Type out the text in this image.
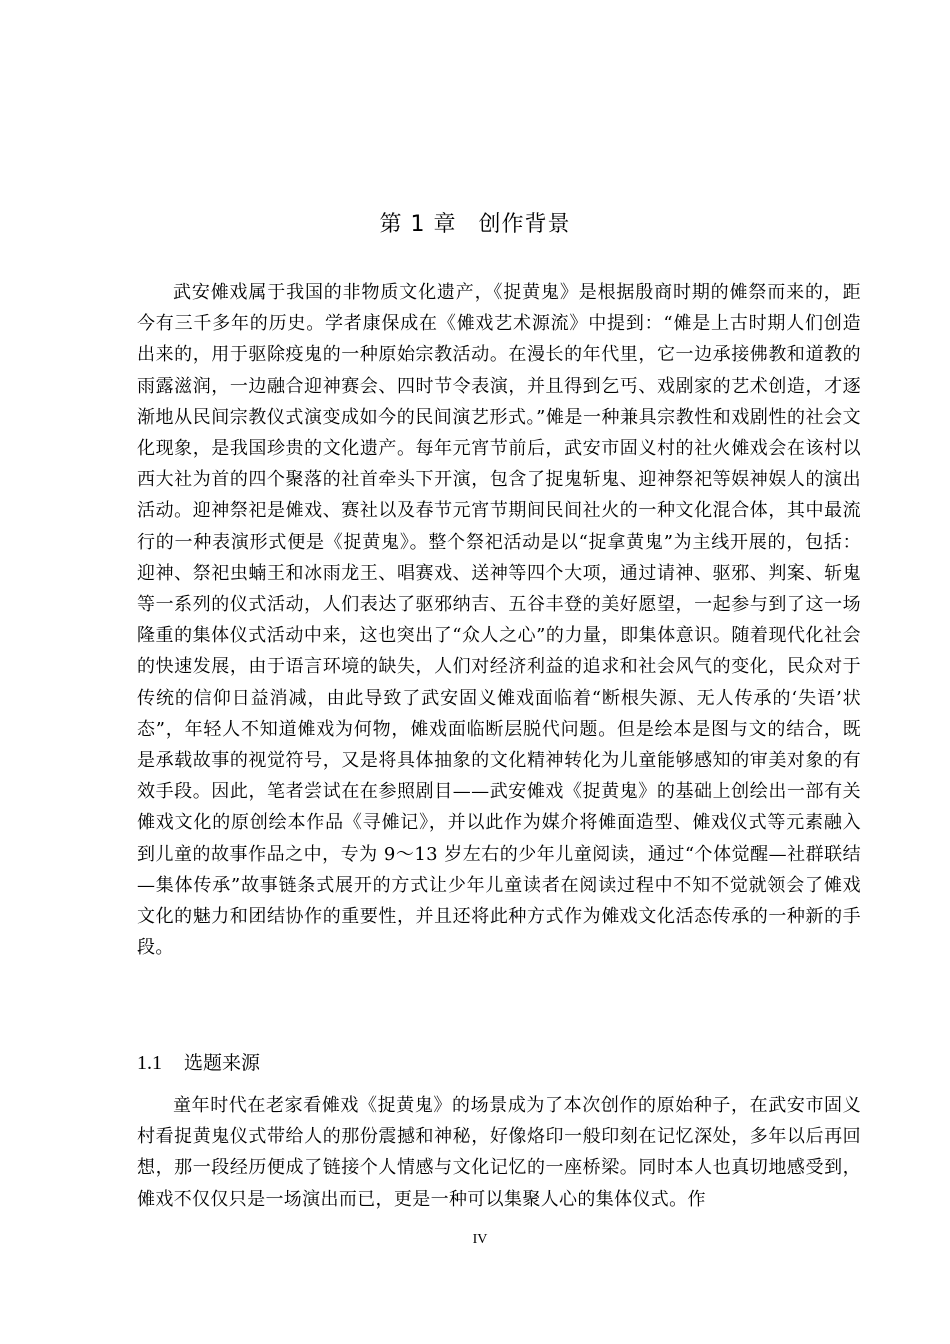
第 1 章 创作背景

武安傩戏属于我国的非物质文化遗产，《捉黄鬼》是根据殷商时期的傩祭而来的，距今有三千多年的历史。学者康保成在《傩戏艺术源流》中提到：“傩是上古时期人们创造出来的，用于驱除疫鬼的一种原始宗教活动。在漫长的年代里，它一边承接佛教和道教的雨露滋润，一边融合迎神赛会、四时节令表演，并且得到乞丐、戏剧家的艺术创造，才逐渐地从民间宗教仪式演变成如今的民间演艺形式。”傩是一种兼具宗教性和戏剧性的社会文化现象，是我国珍贵的文化遗产。每年元宵节前后，武安市固义村的社火傩戏会在该村以西大社为首的四个聚落的社首牵头下开演，包含了捉鬼斩鬼、迎神祭祀等娱神娱人的演出活动。迎神祭祀是傩戏、赛社以及春节元宵节期间民间社火的一种文化混合体，其中最流行的一种表演形式便是《捉黄鬼》。整个祭祀活动是以“捉拿黄鬼”为主线开展的，包括：迎神、祭祀虫蝻王和冰雨龙王、唱赛戏、送神等四个大项，通过请神、驱邪、判案、斩鬼等一系列的仪式活动，人们表达了驱邪纳吉、五谷丰登的美好愿望，一起参与到了这一场隆重的集体仪式活动中来，这也突出了“众人之心”的力量，即集体意识。随着现代化社会的快速发展，由于语言环境的缺失，人们对经济利益的追求和社会风气的变化，民众对于传统的信仰日益消减，由此导致了武安固义傩戏面临着“断根失源、无人传承的‘失语’状态”，年轻人不知道傩戏为何物，傩戏面临断层脱代问题。但是绘本是图与文的结合，既是承载故事的视觉符号，又是将具体抽象的文化精神转化为儿童能够感知的审美对象的有效手段。因此，笔者尝试在在参照剧目——武安傩戏《捉黄鬼》的基础上创绘出一部有关傩戏文化的原创绘本作品《寻傩记》，并以此作为媒介将傩面造型、傩戏仪式等元素融入到儿童的故事作品之中，专为 9～13 岁左右的少年儿童阅读，通过“个体觉醒—社群联结—集体传承”故事链条式展开的方式让少年儿童读者在阅读过程中不知不觉就领会了傩戏文化的魅力和团结协作的重要性，并且还将此种方式作为傩戏文化活态传承的一种新的手段。

1.1 选题来源

童年时代在老家看傩戏《捉黄鬼》的场景成为了本次创作的原始种子，在武安市固义村看捉黄鬼仪式带给人的那份震撼和神秘，好像烙印一般印刻在记忆深处，多年以后再回想，那一段经历便成了链接个人情感与文化记忆的一座桥梁。同时本人也真切地感受到，傩戏不仅仅只是一场演出而已，更是一种可以集聚人心的集体仪式。作

IV
